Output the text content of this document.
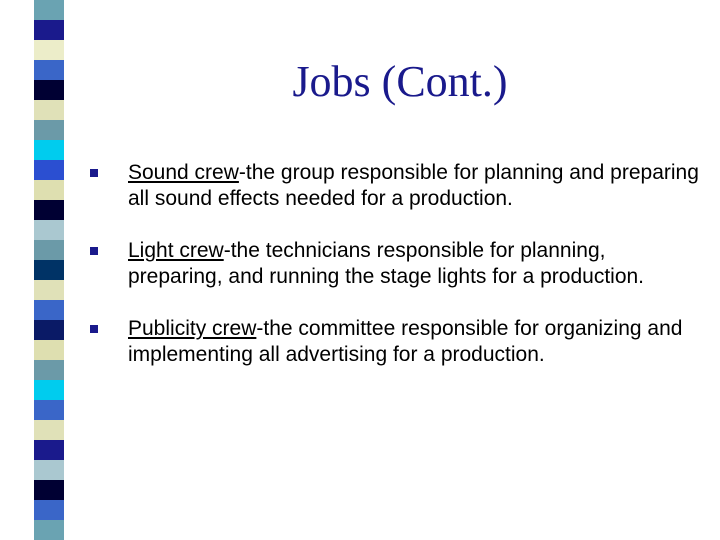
Jobs (Cont.)
Sound crew-the group responsible for planning and preparing all sound effects needed for a production.
Light crew-the technicians responsible for planning, preparing, and running the stage lights for a production.
Publicity crew-the committee responsible for organizing and implementing all advertising for a production.
